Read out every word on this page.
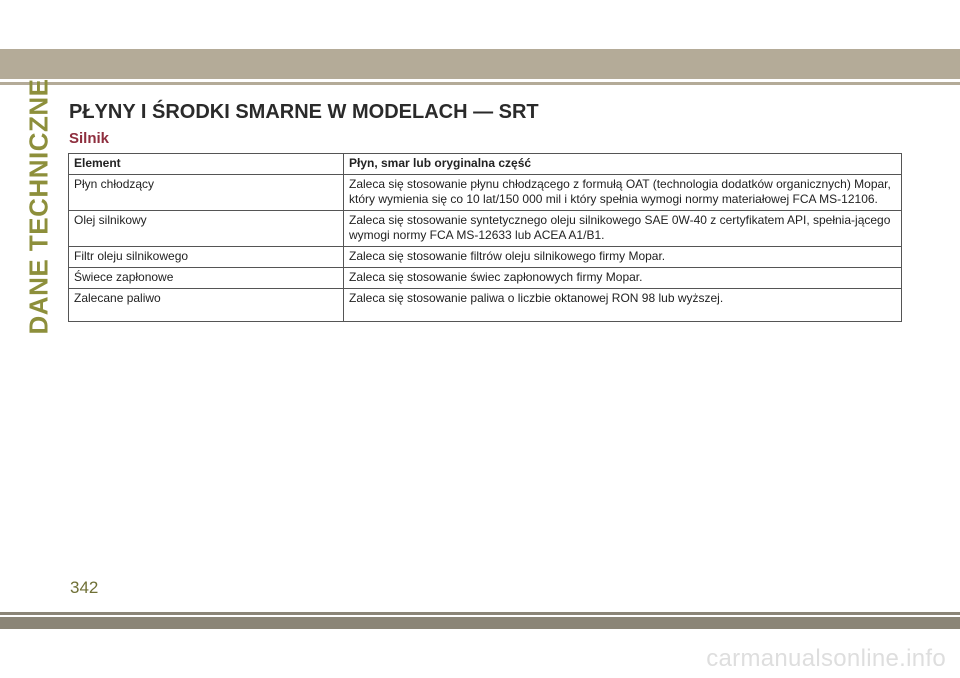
DANE TECHNICZNE PŁYNY I ŚRODKI SMARNE W MODELACH — SRT
Silnik
Element	Płyn, smar lub oryginalna część
Płyn chłodzący	Zaleca się stosowanie płynu chłodzącego z formułą OAT (technologia dodatków organicznych) Mopar, który wymienia się co 10 lat/150 000 mil i który spełnia wymogi normy materiałowej FCA MS-12106.
Olej silnikowy	Zaleca się stosowanie syntetycznego oleju silnikowego SAE 0W-40 z certyfikatem API, spełnia-jącego wymogi normy FCA MS-12633 lub ACEA A1/B1.
Filtr oleju silnikowego	Zaleca się stosowanie filtrów oleju silnikowego firmy Mopar.
Świece zapłonowe	Zaleca się stosowanie świec zapłonowych firmy Mopar.
Zalecane paliwo	Zaleca się stosowanie paliwa o liczbie oktanowej RON 98 lub wyższej.
342
carmanualsonline.info
